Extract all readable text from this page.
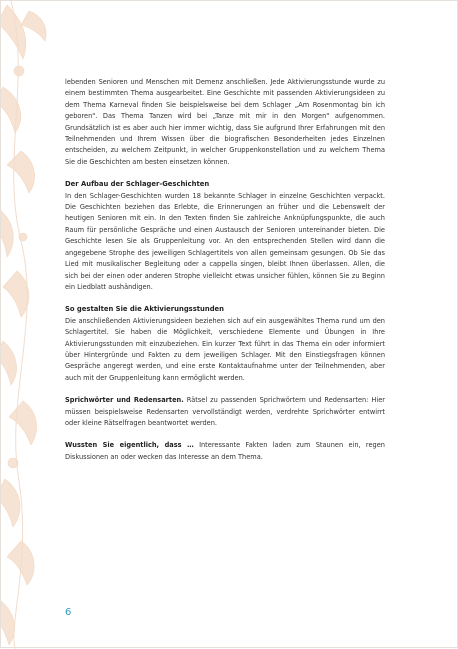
lebenden Senioren und Menschen mit Demenz anschließen. Jede Aktivierungsstunde wurde zu einem bestimmten Thema ausgearbeitet. Eine Geschichte mit passenden Aktivierungsideen zu dem Thema Karneval finden Sie beispielsweise bei dem Schlager „Am Rosenmontag bin ich geboren". Das Thema Tanzen wird bei „Tanze mit mir in den Morgen" aufgenommen. Grundsätzlich ist es aber auch hier immer wichtig, dass Sie aufgrund Ihrer Erfahrungen mit den Teilnehmenden und Ihrem Wissen über die biografischen Besonderheiten jedes Einzelnen entscheiden, zu welchem Zeitpunkt, in welcher Gruppenkonstellation und zu welchem Thema Sie die Geschichten am besten einsetzen können.

Der Aufbau der Schlager-Geschichten

In den Schlager-Geschichten wurden 18 bekannte Schlager in einzelne Geschichten verpackt. Die Geschichten beziehen das Erlebte, die Erinnerungen an früher und die Lebenswelt der heutigen Senioren mit ein. In den Texten finden Sie zahlreiche Anknüpfungspunkte, die auch Raum für persönliche Gespräche und einen Austausch der Senioren untereinander bieten. Die Geschichte lesen Sie als Gruppenleitung vor. An den entsprechenden Stellen wird dann die angegebene Strophe des jeweiligen Schlagertitels von allen gemeinsam gesungen. Ob Sie das Lied mit musikalischer Begleitung oder a cappella singen, bleibt Ihnen überlassen. Allen, die sich bei der einen oder anderen Strophe vielleicht etwas unsicher fühlen, können Sie zu Beginn ein Liedblatt aushändigen.

So gestalten Sie die Aktivierungsstunden

Die anschließenden Aktivierungsideen beziehen sich auf ein ausgewähltes Thema rund um den Schlagertitel. Sie haben die Möglichkeit, verschiedene Elemente und Übungen in Ihre Aktivierungsstunden mit einzubeziehen. Ein kurzer Text führt in das Thema ein oder informiert über Hintergründe und Fakten zu dem jeweiligen Schlager. Mit den Einstiegsfragen können Gespräche angeregt werden, und eine erste Kontaktaufnahme unter der Teilnehmenden, aber auch mit der Gruppenleitung kann ermöglicht werden.

Sprichwörter und Redensarten. Rätsel zu passenden Sprichwörtern und Redensarten: Hier müssen beispielsweise Redensarten vervollständigt werden, verdrehte Sprichwörter entwirrt oder kleine Rätselfragen beantwortet werden.

Wussten Sie eigentlich, dass … Interessante Fakten laden zum Staunen ein, regen Diskussionen an oder wecken das Interesse an dem Thema.

6
